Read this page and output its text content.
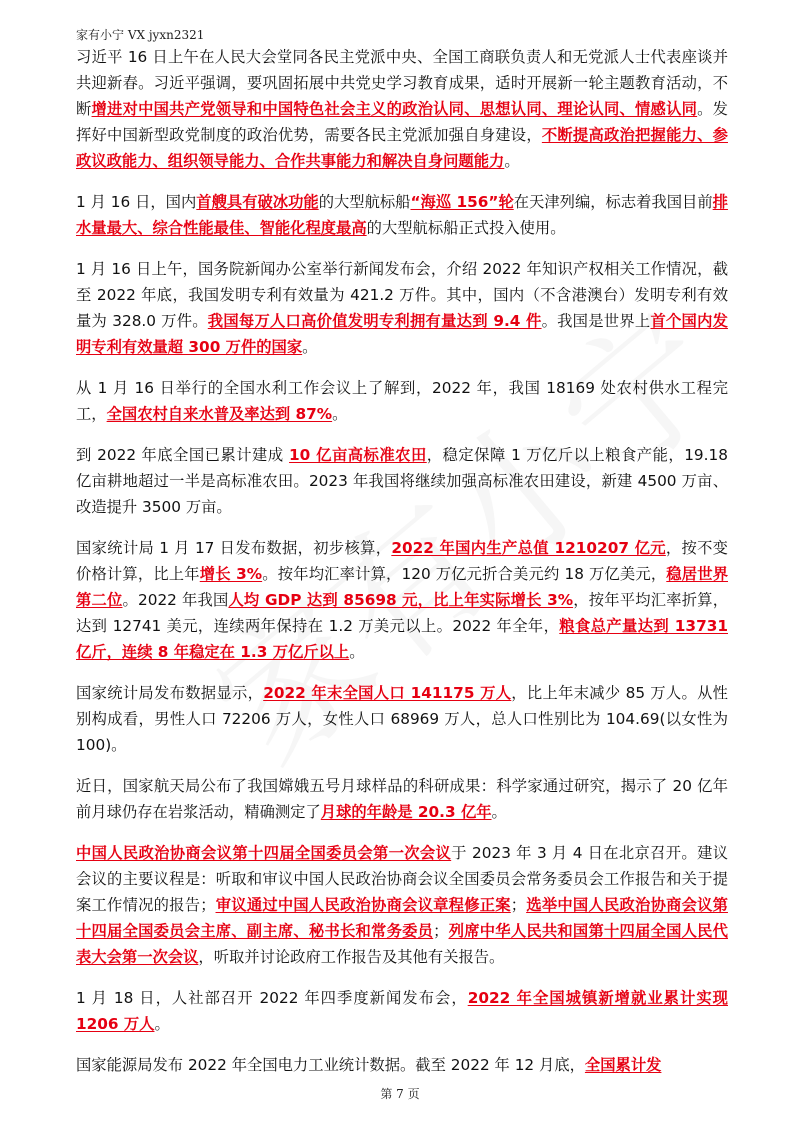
家有小宁 VX jyxn2321

习近平 16 日上午在人民大会堂同各民主党派中央、全国工商联负责人和无党派人士代表座谈并共迎新春。习近平强调，要巩固拓展中共党史学习教育成果，适时开展新一轮主题教育活动，不断增进对中国共产党领导和中国特色社会主义的政治认同、思想认同、理论认同、情感认同。发挥好中国新型政党制度的政治优势，需要各民主党派加强自身建设，不断提高政治把握能力、参政议政能力、组织领导能力、合作共事能力和解决自身问题能力。

1 月 16 日，国内首艘具有破冰功能的大型航标船“海巡 156”轮在天津列编，标志着我国目前排水量最大、综合性能最佳、智能化程度最高的大型航标船正式投入使用。

1 月 16 日上午，国务院新闻办公室举行新闻发布会，介绍 2022 年知识产权相关工作情况，截至 2022 年底，我国发明专利有效量为 421.2 万件。其中，国内（不含港澳台）发明专利有效量为 328.0 万件。我国每万人口高价值发明专利拥有量达到 9.4 件。我国是世界上首个国内发明专利有效量超 300 万件的国家。

从 1 月 16 日举行的全国水利工作会议上了解到，2022 年，我国 18169 处农村供水工程完工，全国农村自来水普及率达到 87%。

到 2022 年底全国已累计建成 10 亿亩高标准农田，稳定保障 1 万亿斤以上粮食产能，19.18 亿亩耕地超过一半是高标准农田。2023 年我国将继续加强高标准农田建设，新建 4500 万亩、改造提升 3500 万亩。

国家统计局 1 月 17 日发布数据，初步核算，2022 年国内生产总值 1210207 亿元，按不变价格计算，比上年增长 3%。按年均汇率计算，120 万亿元折合美元约 18 万亿美元，稳居世界第二位。2022 年我国人均 GDP 达到 85698 元，比上年实际增长 3%，按年平均汇率折算，达到 12741 美元，连续两年保持在 1.2 万美元以上。2022 年全年，粮食总产量达到 13731 亿斤，连续 8 年稳定在 1.3 万亿斤以上。

国家统计局发布数据显示，2022 年末全国人口 141175 万人，比上年末减少 85 万人。从性别构成看，男性人口 72206 万人，女性人口 68969 万人，总人口性别比为 104.69(以女性为 100)。

近日，国家航天局公布了我国嫦娥五号月球样品的科研成果：科学家通过研究，揭示了 20 亿年前月球仍存在岩浆活动，精确测定了月球的年龄是 20.3 亿年。

中国人民政治协商会议第十四届全国委员会第一次会议于 2023 年 3 月 4 日在北京召开。建议会议的主要议程是：听取和审议中国人民政治协商会议全国委员会常务委员会工作报告和关于提案工作情况的报告；审议通过中国人民政治协商会议章程修正案；选举中国人民政治协商会议第十四届全国委员会主席、副主席、秘书长和常务委员；列席中华人民共和国第十四届全国人民代表大会第一次会议，听取并讨论政府工作报告及其他有关报告。

1 月 18 日，人社部召开 2022 年四季度新闻发布会，2022 年全国城镇新增就业累计实现 1206 万人。

国家能源局发布 2022 年全国电力工业统计数据。截至 2022 年 12 月底，全国累计发

第 7 页
